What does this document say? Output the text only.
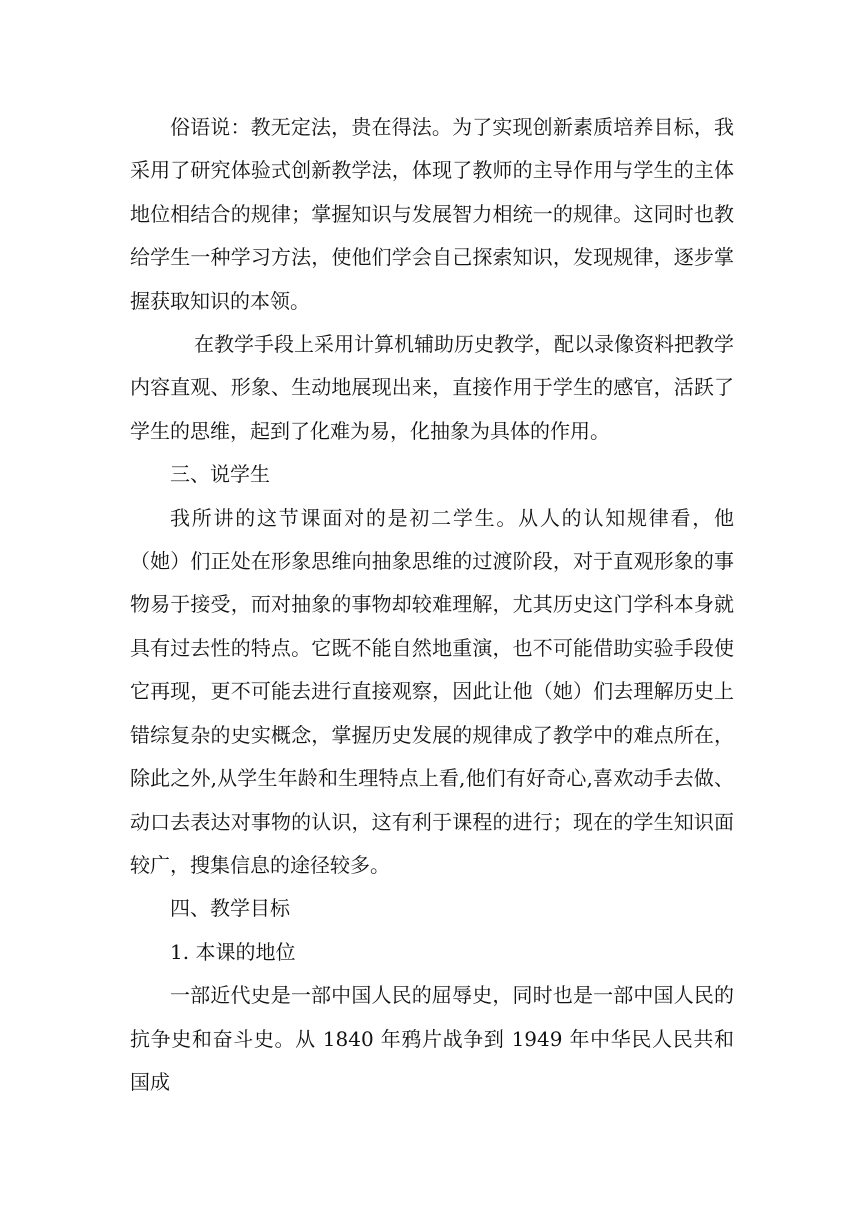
俗语说：教无定法，贵在得法。为了实现创新素质培养目标，我采用了研究体验式创新教学法，体现了教师的主导作用与学生的主体地位相结合的规律；掌握知识与发展智力相统一的规律。这同时也教给学生一种学习方法，使他们学会自己探索知识，发现规律，逐步掌握获取知识的本领。

在教学手段上采用计算机辅助历史教学，配以录像资料把教学内容直观、形象、生动地展现出来，直接作用于学生的感官，活跃了学生的思维，起到了化难为易，化抽象为具体的作用。

三、说学生

我所讲的这节课面对的是初二学生。从人的认知规律看，他（她）们正处在形象思维向抽象思维的过渡阶段，对于直观形象的事物易于接受，而对抽象的事物却较难理解，尤其历史这门学科本身就具有过去性的特点。它既不能自然地重演，也不可能借助实验手段使它再现，更不可能去进行直接观察，因此让他（她）们去理解历史上错综复杂的史实概念，掌握历史发展的规律成了教学中的难点所在，除此之外,从学生年龄和生理特点上看,他们有好奇心,喜欢动手去做、动口去表达对事物的认识，这有利于课程的进行；现在的学生知识面较广，搜集信息的途径较多。

四、教学目标

1. 本课的地位

一部近代史是一部中国人民的屈辱史，同时也是一部中国人民的抗争史和奋斗史。从 1840 年鸦片战争到 1949 年中华民人民共和国成
